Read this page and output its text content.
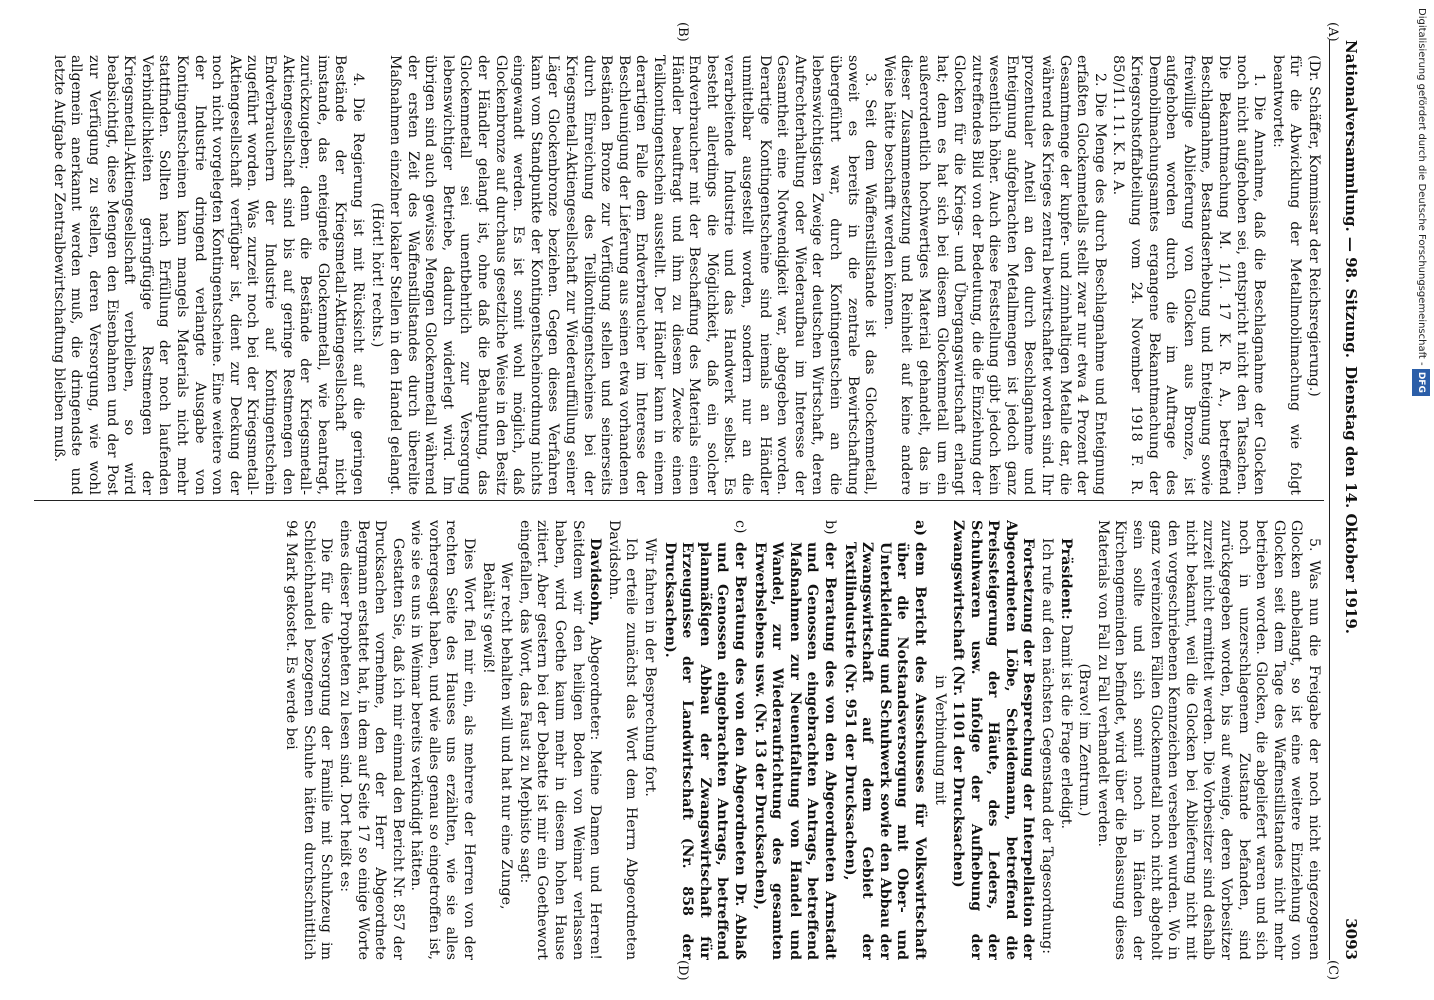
Nationalversammlung. — 98. Sitzung.
Dienstag den 14. Oktober 1919.
3093
(A)
(B)
(C)
(D)

(Dr. Schäffer, Kommissar der Reichsregierung.)

für die Abwicklung der Metallmobilmachung wie folgt beantwortet:

1. Die Annahme, daß die Beschlagnahme der Glocken noch nicht aufgehoben sei, entspricht nicht den Tatsachen. Die Bekanntmachung M. 1/1. 17 K. R. A., betreffend Beschlagnahme, Bestandserhebung und Enteignung sowie freiwillige Ablieferung von Glocken aus Bronze, ist aufgehoben worden durch die im Auftrage des Demobilmachungsamtes ergangene Bekanntmachung der Kriegsrohstoffabteilung vom 24. November 1918 F. R. 850/11. 11. K. R. A.

2. Die Menge des durch Beschlagnahme und Enteignung erfaßten Glockenmetalls stellt zwar nur etwa 4 Prozent der Gesamtmenge der kupfer- und zinnhaltigen Metalle dar, die während des Krieges zentral bewirtschaftet worden sind. Ihr prozentualer Anteil an den durch Beschlagnahme und Enteignung aufgebrachten Metallmengen ist jedoch ganz wesentlich höher. Auch diese Feststellung gibt jedoch kein zutreffendes Bild von der Bedeutung, die die Einziehung der Glocken für die Kriegs- und Übergangswirtschaft erlangt hat; denn es hat sich bei diesem Glockenmetall um ein außerordentlich hochwertiges Material gehandelt, das in dieser Zusammensetzung und Reinheit auf keine andere Weise hätte beschafft werden können.

3. Seit dem Waffenstillstande ist das Glockenmetall, soweit es bereits in die zentrale Bewirtschaftung übergeführt war, durch Kontingentschein an die lebenswichtigsten Zweige der deutschen Wirtschaft, deren Aufrechterhaltung oder Wiederaufbau im Interesse der Gesamtheit eine Notwendigkeit war, abgegeben worden. Derartige Kontingentscheine sind niemals an Händler unmittelbar ausgestellt worden, sondern nur an die verarbeitende Industrie und das Handwerk selbst. Es besteht allerdings die Möglichkeit, daß ein solcher Endverbraucher mit der Beschaffung des Materials einen Händler beauftragt und ihm zu diesem Zwecke einen Teilkontingentschein ausstellt. Der Händler kann in einem derartigen Falle dem Endverbraucher im Interesse der Beschleunigung der Lieferung aus seinen etwa vorhandenen Beständen Bronze zur Verfügung stellen und seinerseits durch Einreichung des Teilkontingentscheines bei der Kriegsmetall-Aktiengesellschaft zur Wiederauffüllung seiner Läger Glockenbronze beziehen. Gegen dieses Verfahren kann vom Standpunkte der Kontingentscheinordnung nichts eingewandt werden. Es ist somit wohl möglich, daß Glockenbronze auf durchaus gesetzliche Weise in den Besitz der Händler gelangt ist, ohne daß die Behauptung, das Glockenmetall sei unentbehrlich zur Versorgung lebenswichtiger Betriebe, dadurch widerlegt wird. Im übrigen sind auch gewisse Mengen Glockenmetall während der ersten Zeit des Waffenstillstandes durch überelite Maßnahmen einzelner lokaler Stellen in den Handel gelangt.

(Hört! hört! rechts.)

4. Die Regierung ist mit Rücksicht auf die geringen Bestände der Kriegsmetall-Aktiengesellschaft nicht imstande, das enteignete Glockenmetall, wie beantragt, zurückzugeben; denn die Bestände der Kriegsmetall-Aktiengesellschaft sind bis auf geringe Restmengen den Endverbrauchern der Industrie auf Kontingentschein zugeführt worden. Was zurzeit noch bei der Kriegsmetall-Aktiengesellschaft verfügbar ist, dient zur Deckung der noch nicht vorgelegten Kontingentscheine. Eine weitere von der Industrie dringend verlangte Ausgabe von Kontingentscheinen kann mangels Materials nicht mehr stattfinden. Sollten nach Erfüllung der noch laufenden Verbindlichkeiten geringfügige Restmengen der Kriegsmetall-Aktiengesellschaft verbleiben, so wird beabsichtigt, diese Mengen den Eisenbahnen und der Post zur Verfügung zu stellen, deren Versorgung, wie wohl allgemein anerkannt werden muß, die dringendste und letzte Aufgabe der Zentralbewirtschaftung bleiben muß.

5. Was nun die Freigabe der noch nicht eingezogenen Glocken anbelangt, so ist eine weitere Einziehung von Glocken seit dem Tage des Waffenstillstandes nicht mehr betrieben worden. Glocken, die abgeliefert waren und sich noch in unzerschlagenem Zustande befanden, sind zurückgegeben worden, bis auf wenige, deren Vorbesitzer zurzeit nicht ermittelt werden. Die Vorbesitzer sind deshalb nicht bekannt, weil die Glocken bei Ablieferung nicht mit den vorgeschriebenen Kennzeichen versehen wurden. Wo in ganz vereinzelten Fällen Glockenmetall noch nicht abgeholt sein sollte und sich somit noch in Händen der Kirchengemeinden befindet, wird über die Belassung dieses Materials von Fall zu Fall verhandelt werden.

(Bravo! im Zentrum.)

Präsident: Damit ist die Frage erledigt.

Ich rufe auf den nächsten Gegenstand der Tagesordnung:

Fortsetzung der Besprechung der Interpellation der Abgeordneten Löbe, Scheidemann, betreffend die Preissteigerung der Häute, des Leders, der Schuhwaren usw. infolge der Aufhebung der Zwangswirtschaft (Nr. 1101 der Drucksachen)

in Verbindung mit

a)
dem Bericht des Ausschusses für Volkswirtschaft über die Notstandsversorgung mit Ober- und Unterkleidung und Schuhwerk sowie den Abbau der Zwangswirtschaft auf dem Gebiet der Textilindustrie (Nr. 951 der Drucksachen),
b)
der Beratung des von den Abgeordneten Arnstadt und Genossen eingebrachten Antrags, betreffend Maßnahmen zur Neuentfaltung von Handel und Wandel, zur Wiederaufrichtung des gesamten Erwerbslebens usw. (Nr. 13 der Drucksachen),
c)
der Beratung des von den Abgeordneten Dr. Ablaß und Genossen eingebrachten Antrags, betreffend planmäßigen Abbau der Zwangswirtschaft für Erzeugnisse der Landwirtschaft (Nr. 858 der Drucksachen).

Wir fahren in der Besprechung fort.

Ich erteile zunächst das Wort dem Herrn Abgeordneten Davidsohn.

Davidsohn, Abgeordneter: Meine Damen und Herren! Seitdem wir den heiligen Boden von Weimar verlassen haben, wird Goethe kaum mehr in diesem hohen Hause zitiert. Aber gestern bei der Debatte ist mir ein Goethewort eingefallen, das Wort, das Faust zu Mephisto sagt:

Wer recht behalten will und hat nur eine Zunge,

Behält's gewiß!

Dies Wort fiel mir ein, als mehrere der Herren von der rechten Seite des Hauses uns erzählten, wie sie alles vorhergesagt haben, und wie alles genau so eingetroffen ist, wie sie es uns in Weimar bereits verkündigt hätten.

Gestatten Sie, daß ich mir einmal den Bericht Nr. 857 der Drucksachen vornehme, den der Herr Abgeordnete Bergmann erstattet hat, in dem auf Seite 17 so einige Worte eines dieser Propheten zu lesen sind. Dort heißt es:

Die für die Versorgung der Familie mit Schuhzeug im Schleichhandel bezogenen Schuhe hätten durchschnittlich 94 Mark gekostet. Es werde bei

Digitalisierung gefördert durch die Deutsche Forschungsgemeinschaft - DFG
